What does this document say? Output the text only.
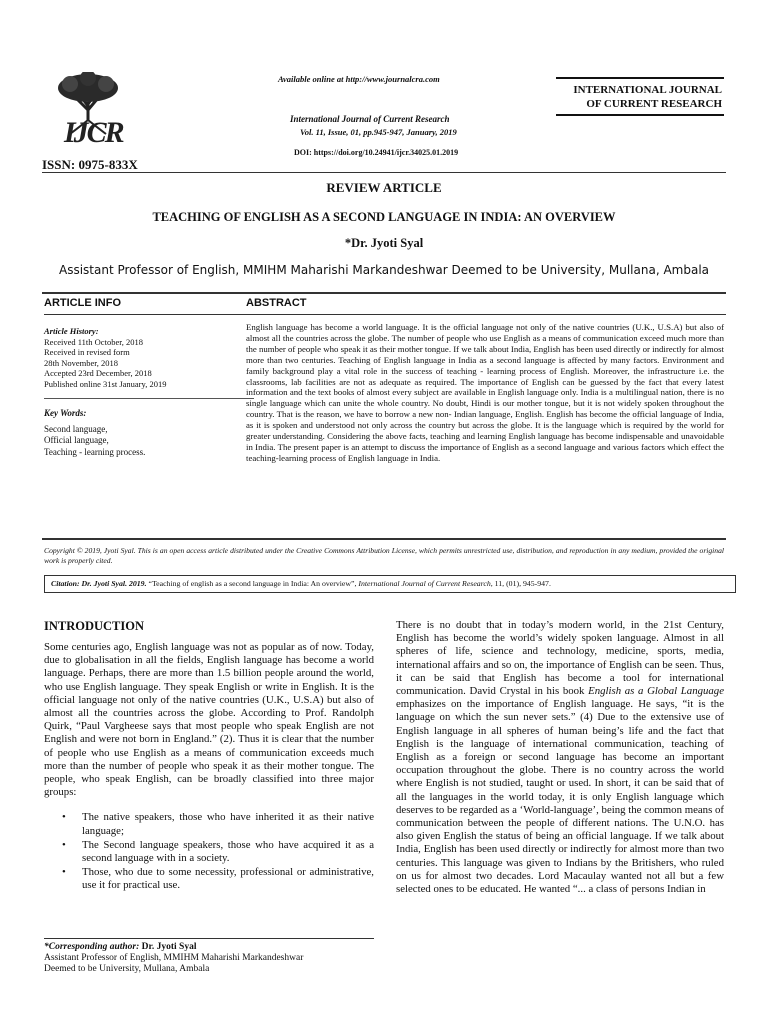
IJCR
ISSN: 0975-833X
Available online at http://www.journalcra.com
International Journal of Current Research
Vol. 11, Issue, 01, pp.945-947, January, 2019
DOI: https://doi.org/10.24941/ijcr.34025.01.2019
INTERNATIONAL JOURNAL
OF CURRENT RESEARCH
REVIEW ARTICLE
TEACHING OF ENGLISH AS A SECOND LANGUAGE IN INDIA: AN OVERVIEW
*Dr. Jyoti Syal
Assistant Professor of English, MMIHM Maharishi Markandeshwar Deemed to be University, Mullana, Ambala
ARTICLE INFO	ABSTRACT
Article History:
Received 11th October, 2018
Received in revised form
28th November, 2018
Accepted 23rd December, 2018
Published online 31st January, 2019
Key Words:
Second language,
Official language,
Teaching - learning process.
English language has become a world language. It is the official language not only of the native countries (U.K., U.S.A) but also of almost all the countries across the globe. The number of people who use English as a means of communication exceed much more than the number of people who speak it as their mother tongue. If we talk about India, English has been used directly or indirectly for almost more than two centuries. Teaching of English language in India as a second language is affected by many factors. Environment and family background play a vital role in the success of teaching - learning process of English. Moreover, the infrastructure i.e. the classrooms, lab facilities are not as adequate as required. The importance of English can be guessed by the fact that every latest information and the text books of almost every subject are available in English language only. India is a multilingual nation, there is no single language which can unite the whole country. No doubt, Hindi is our mother tongue, but it is not widely spoken throughout the country. That is the reason, we have to borrow a new non- Indian language, English. English has become the official language of India, as it is spoken and understood not only across the country but across the globe. It is the language which is required by the world for greater understanding. Considering the above facts, teaching and learning English language has become indispensable and unavoidable in India. The present paper is an attempt to discuss the importance of English as a second language and various factors which effect the teaching-learning process of English language in India.
Copyright © 2019, Jyoti Syal. This is an open access article distributed under the Creative Commons Attribution License, which permits unrestricted use, distribution, and reproduction in any medium, provided the original work is properly cited.
Citation: Dr. Jyoti Syal. 2019. “Teaching of english as a second language in India: An overview”, International Journal of Current Research, 11, (01), 945-947.
INTRODUCTION

Some centuries ago, English language was not as popular as of now. Today, due to globalisation in all the fields, English language has become a world language. Perhaps, there are more than 1.5 billion people around the world, who use English language. They speak English or write in English. It is the official language not only of the native countries (U.K., U.S.A) but also of almost all the countries across the globe. According to Prof. Randolph Quirk, “Paul Vargheese says that most people who speak English are not English and were not born in England.” (2). Thus it is clear that the number of people who use English as a means of communication exceeds much more than the number of people who speak it as their mother tongue. The people, who speak English, can be broadly classified into three major groups:

• The native speakers, those who have inherited it as their native language;
• The Second language speakers, those who have acquired it as a second language with in a society.
• Those, who due to some necessity, professional or administrative, use it for practical use.

There is no doubt that in today’s modern world, in the 21st Century, English has become the world’s widely spoken language. Almost in all spheres of life, science and technology, medicine, sports, media, international affairs and so on, the importance of English can be seen. Thus, it can be said that English has become a tool for international communication. David Crystal in his book English as a Global Language emphasizes on the importance of English language. He says, “it is the language on which the sun never sets.” (4) Due to the extensive use of English language in all spheres of human being’s life and the fact that English is the language of international communication, teaching of English as a foreign or second language has become an important occupation throughout the globe. There is no country across the world where English is not studied, taught or used. In short, it can be said that of all the languages in the world today, it is only English language which deserves to be regarded as a ‘World-language’, being the common means of communication between the people of different nations. The U.N.O. has also given English the status of being an official language. If we talk about India, English has been used directly or indirectly for almost more than two centuries. This language was given to Indians by the Britishers, who ruled on us for almost two decades. Lord Macaulay wanted not all but a few selected ones to be educated. He wanted “... a class of persons Indian in

*Corresponding author: Dr. Jyoti Syal
Assistant Professor of English, MMIHM Maharishi Markandeshwar
Deemed to be University, Mullana, Ambala
